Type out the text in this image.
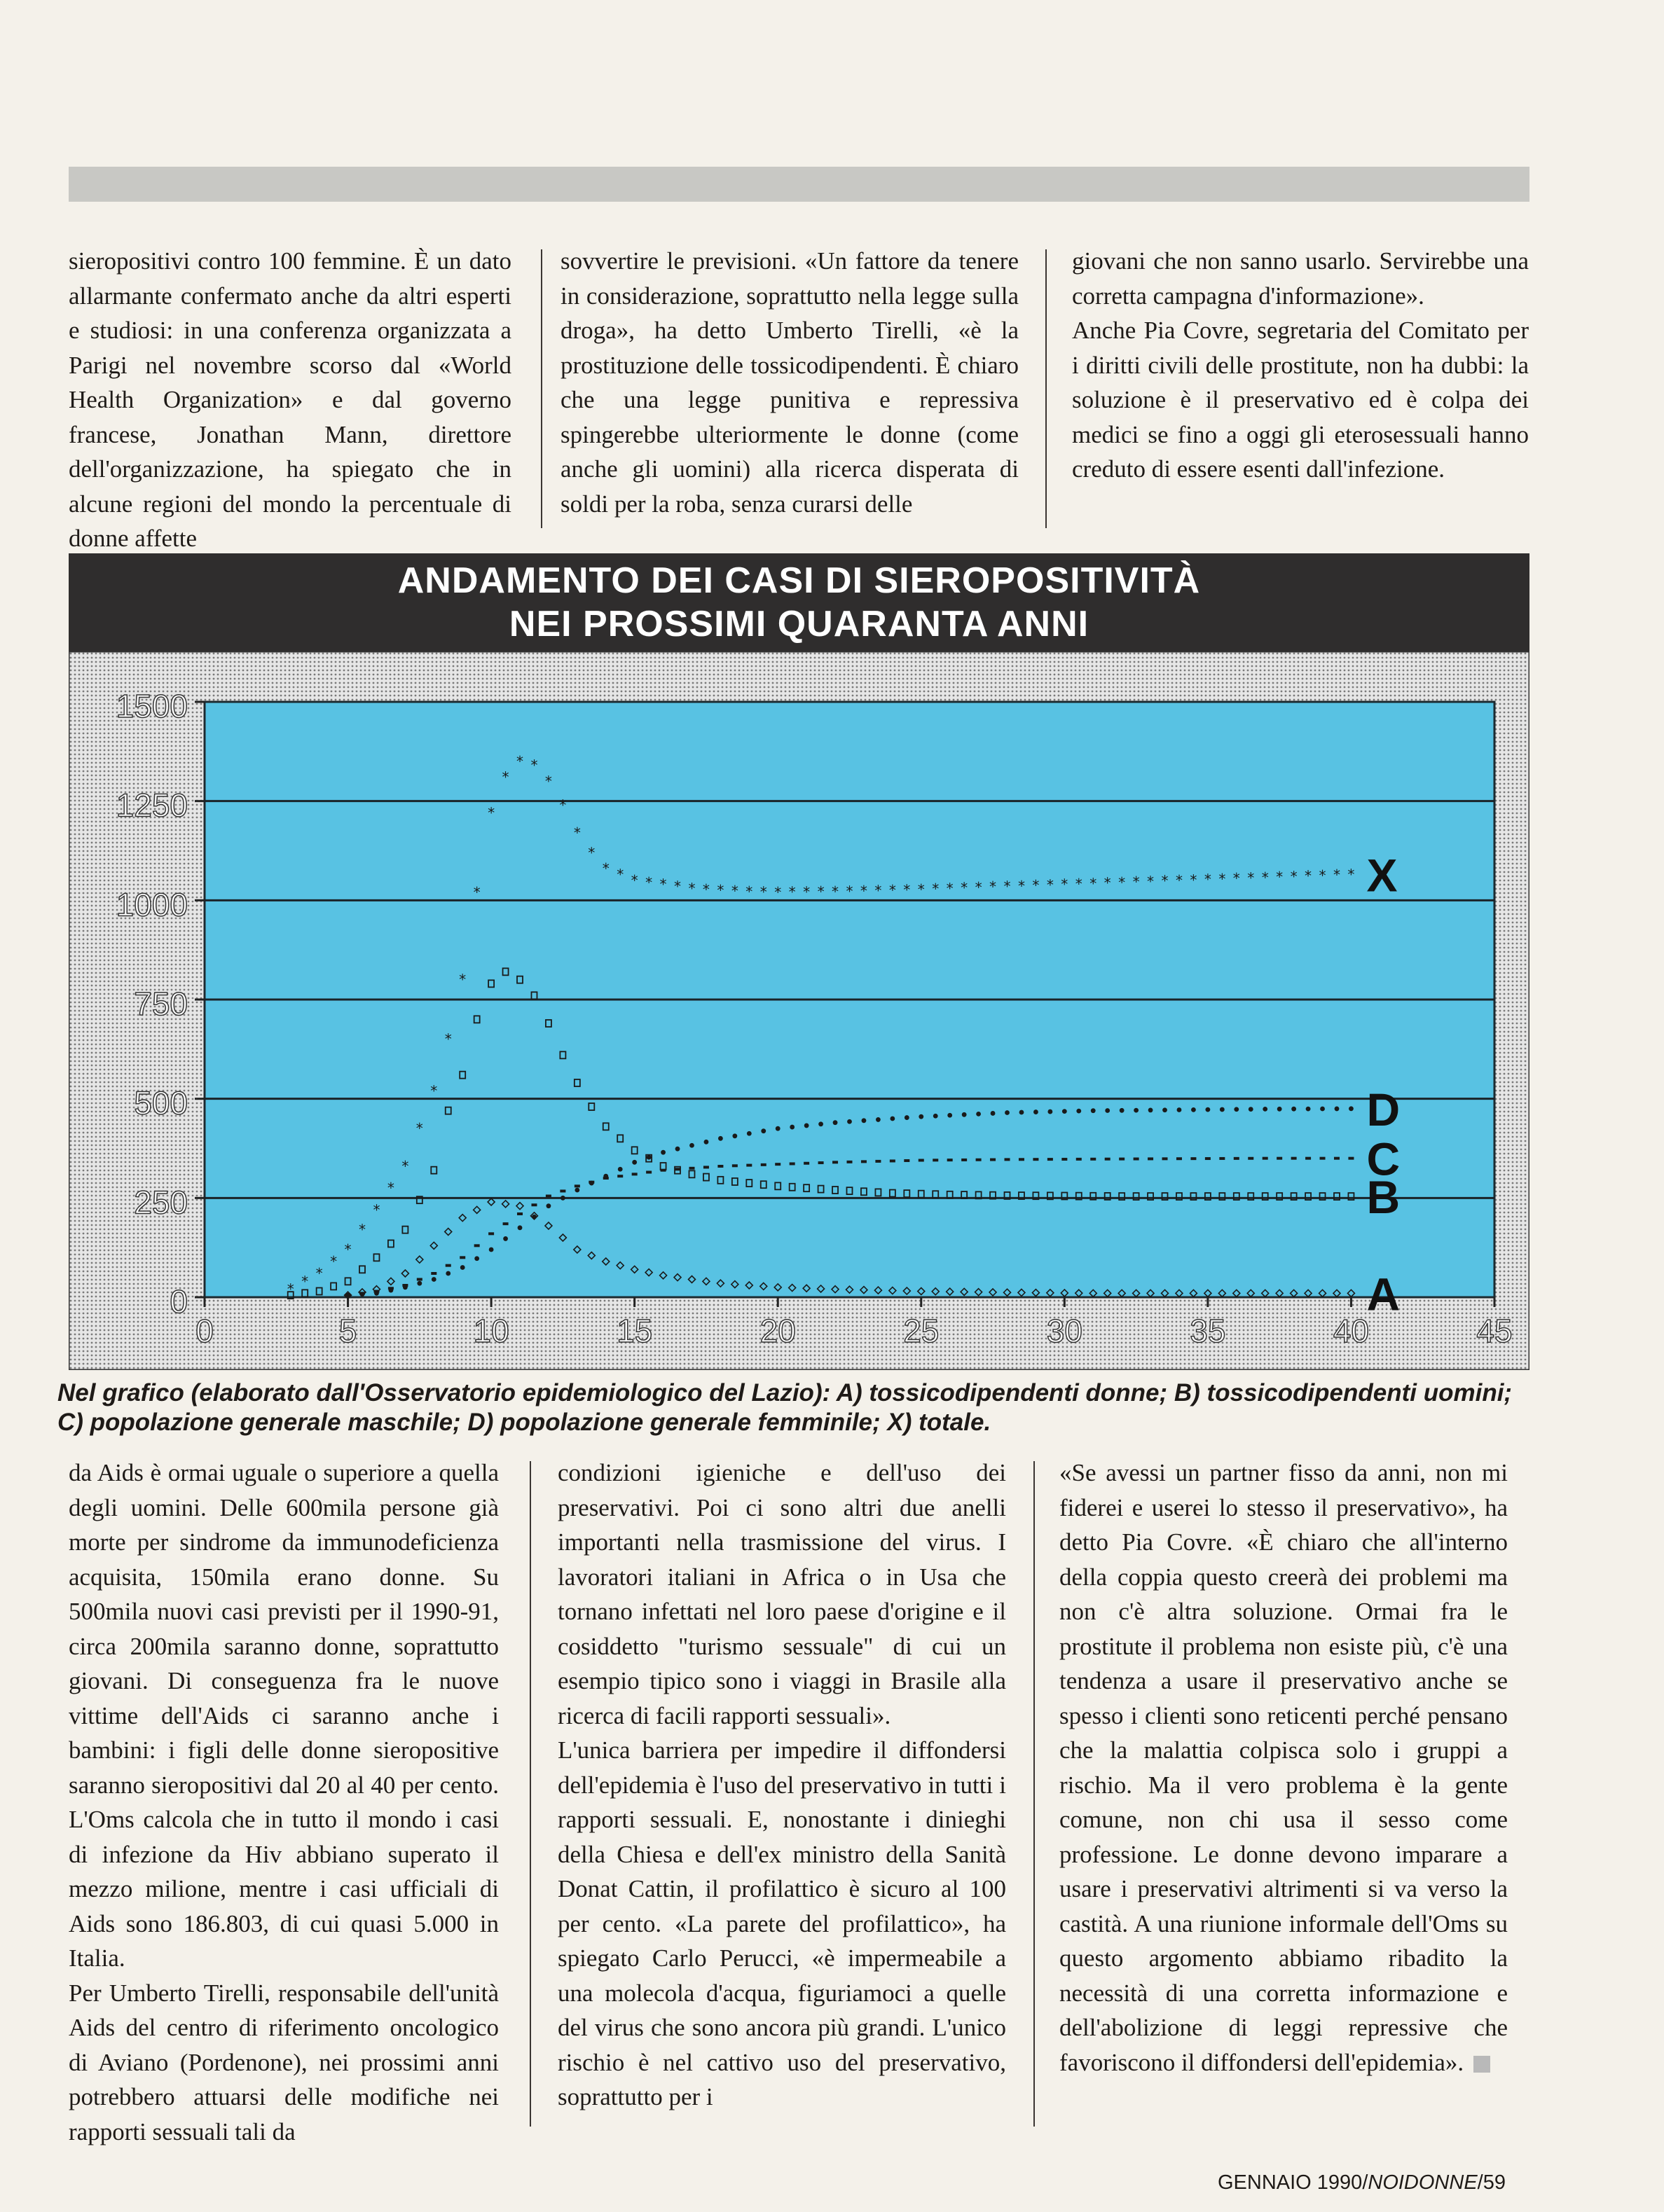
sieropositivi contro 100 femmine. È un dato allarmante confermato anche da altri esperti e studiosi: in una conferenza organizzata a Parigi nel novembre scorso dal «World Health Organization» e dal governo francese, Jonathan Mann, direttore dell'organizzazione, ha spiegato che in alcune regioni del mondo la percentuale di donne affette

sovvertire le previsioni. «Un fattore da tenere in considerazione, soprattutto nella legge sulla droga», ha detto Umberto Tirelli, «è la prostituzione delle tossicodipendenti. È chiaro che una legge punitiva e repressiva spingerebbe ulteriormente le donne (come anche gli uomini) alla ricerca disperata di soldi per la roba, senza curarsi delle

giovani che non sanno usarlo. Servirebbe una corretta campagna d'informazione».

Anche Pia Covre, segretaria del Comitato per i diritti civili delle prostitute, non ha dubbi: la soluzione è il preservativo ed è colpa dei medici se fino a oggi gli eterosessuali hanno creduto di essere esenti dall'infezione.

ANDAMENTO DEI CASI DI SIEROPOSITIVITÀ
NEI PROSSIMI QUARANTA ANNI
0
250
500
750
1000
1250
1500
0	5	10	15	20	25	30	35	40	45
* * *
*
*
*
*
*
*
*
*
*
*
*
*
*
* *
*
*
*
*
* * * * * * * * * * * * * * * * * * * * * * * * * * * * * * * * * * * * * * * * * * * * * * * * * * * * * X
B
C
D
A
Nel grafico (elaborato dall'Osservatorio epidemiologico del Lazio): A) tossicodipendenti donne; B) tossicodipendenti uomini; C) popolazione generale maschile; D) popolazione generale femminile; X) totale.

da Aids è ormai uguale o superiore a quella degli uomini. Delle 600mila persone già morte per sindrome da immunodeficienza acquisita, 150mila erano donne. Su 500mila nuovi casi previsti per il 1990-91, circa 200mila saranno donne, soprattutto giovani. Di conseguenza fra le nuove vittime dell'Aids ci saranno anche i bambini: i figli delle donne sieropositive saranno sieropositivi dal 20 al 40 per cento. L'Oms calcola che in tutto il mondo i casi di infezione da Hiv abbiano superato il mezzo milione, mentre i casi ufficiali di Aids sono 186.803, di cui quasi 5.000 in Italia.

Per Umberto Tirelli, responsabile dell'unità Aids del centro di riferimento oncologico di Aviano (Pordenone), nei prossimi anni potrebbero attuarsi delle modifiche nei rapporti sessuali tali da

condizioni igieniche e dell'uso dei preservativi. Poi ci sono altri due anelli importanti nella trasmissione del virus. I lavoratori italiani in Africa o in Usa che tornano infettati nel loro paese d'origine e il cosiddetto "turismo sessuale" di cui un esempio tipico sono i viaggi in Brasile alla ricerca di facili rapporti sessuali».

L'unica barriera per impedire il diffondersi dell'epidemia è l'uso del preservativo in tutti i rapporti sessuali. E, nonostante i dinieghi della Chiesa e dell'ex ministro della Sanità Donat Cattin, il profilattico è sicuro al 100 per cento. «La parete del profilattico», ha spiegato Carlo Perucci, «è impermeabile a una molecola d'acqua, figuriamoci a quelle del virus che sono ancora più grandi. L'unico rischio è nel cattivo uso del preservativo, soprattutto per i

«Se avessi un partner fisso da anni, non mi fiderei e userei lo stesso il preservativo», ha detto Pia Covre. «È chiaro che all'interno della coppia questo creerà dei problemi ma non c'è altra soluzione. Ormai fra le prostitute il problema non esiste più, c'è una tendenza a usare il preservativo anche se spesso i clienti sono reticenti perché pensano che la malattia colpisca solo i gruppi a rischio. Ma il vero problema è la gente comune, non chi usa il sesso come professione. Le donne devono imparare a usare i preservativi altrimenti si va verso la castità. A una riunione informale dell'Oms su questo argomento abbiamo ribadito la necessità di una corretta informazione e dell'abolizione di leggi repressive che favoriscono il diffondersi dell'epidemia».

GENNAIO 1990/NOIDONNE/59
